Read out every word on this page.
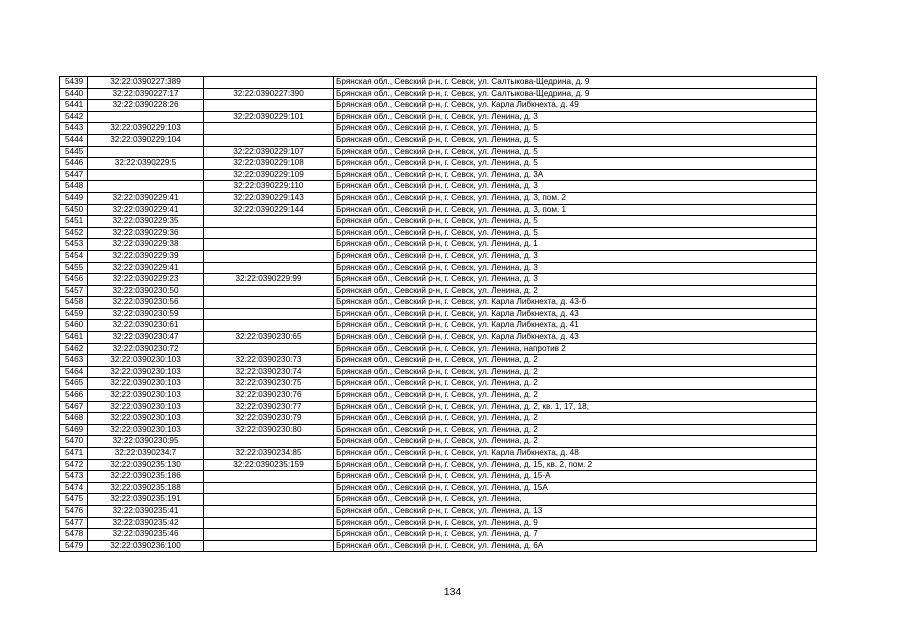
5439	32:22:0390227:389		Брянская обл., Севский р-н, г. Севск, ул. Салтыкова-Щедрина, д. 9
5440	32:22:0390227:17	32:22:0390227:390	Брянская обл., Севский р-н, г. Севск, ул. Салтыкова-Щедрина, д. 9
5441	32:22:0390228:26		Брянская обл., Севский р-н, г. Севск, ул. Карла Либкнехта, д. 49
5442		32:22:0390229:101	Брянская обл., Севский р-н, г. Севск, ул. Ленина, д. 3
5443	32:22:0390229:103		Брянская обл., Севский р-н, г. Севск, ул. Ленина, д. 5
5444	32:22:0390229:104		Брянская обл., Севский р-н, г. Севск, ул. Ленина, д. 5
5445		32:22:0390229:107	Брянская обл., Севский р-н, г. Севск, ул. Ленина, д. 5
5446	32:22:0390229:5	32:22:0390229:108	Брянская обл., Севский р-н, г. Севск, ул. Ленина, д. 5
5447		32:22:0390229:109	Брянская обл., Севский р-н, г. Севск, ул. Ленина, д. 3А
5448		32:22:0390229:110	Брянская обл., Севский р-н, г. Севск, ул. Ленина, д. 3
5449	32:22:0390229:41	32:22:0390229:143	Брянская обл., Севский р-н, г. Севск, ул. Ленина, д. 3, пом. 2
5450	32:22:0390229:41	32:22:0390229:144	Брянская обл., Севский р-н, г. Севск, ул. Ленина, д. 3, пом. 1
5451	32:22:0390229:35		Брянская обл., Севский р-н, г. Севск, ул. Ленина, д. 5
5452	32:22:0390229:36		Брянская обл., Севский р-н, г. Севск, ул. Ленина, д. 5
5453	32:22:0390229:38		Брянская обл., Севский р-н, г. Севск, ул. Ленина, д. 1
5454	32:22:0390229:39		Брянская обл., Севский р-н, г. Севск, ул. Ленина, д. 3
5455	32:22:0390229:41		Брянская обл., Севский р-н, г. Севск, ул. Ленина, д. 3
5456	32:22:0390229:23	32:22:0390229:99	Брянская обл., Севский р-н, г. Севск, ул. Ленина, д. 3
5457	32:22:0390230:50		Брянская обл., Севский р-н, г. Севск, ул. Ленина, д. 2
5458	32:22:0390230:56		Брянская обл., Севский р-н, г. Севск, ул. Карла Либкнехта, д. 43-б
5459	32:22:0390230:59		Брянская обл., Севский р-н, г. Севск, ул. Карла Либкнехта, д. 43
5460	32:22:0390230:61		Брянская обл., Севский р-н, г. Севск, ул. Карла Либкнехта, д. 41
5461	32:22:0390230:47	32:22:0390230:65	Брянская обл., Севский р-н, г. Севск, ул. Карла Либкнехта, д. 43
5462	32:22:0390230:72		Брянская обл., Севский р-н, г. Севск, ул. Ленина, напротив 2
5463	32:22:0390230:103	32:22:0390230:73	Брянская обл., Севский р-н, г. Севск, ул. Ленина, д. 2
5464	32:22:0390230:103	32:22:0390230:74	Брянская обл., Севский р-н, г. Севск, ул. Ленина, д. 2
5465	32:22:0390230:103	32:22:0390230:75	Брянская обл., Севский р-н, г. Севск, ул. Ленина, д. 2
5466	32:22:0390230:103	32:22:0390230:76	Брянская обл., Севский р-н, г. Севск, ул. Ленина, д. 2
5467	32:22:0390230:103	32:22:0390230:77	Брянская обл., Севский р-н, г. Севск, ул. Ленина, д. 2, кв. 1, 17, 18,
5468	32:22:0390230:103	32:22:0390230:79	Брянская обл., Севский р-н, г. Севск, ул. Ленина, д. 2
5469	32:22:0390230:103	32:22:0390230:80	Брянская обл., Севский р-н, г. Севск, ул. Ленина, д. 2
5470	32:22:0390230:95		Брянская обл., Севский р-н, г. Севск, ул. Ленина, д. 2
5471	32:22:0390234:7	32:22:0390234:85	Брянская обл., Севский р-н, г. Севск, ул. Карла Либкнехта, д. 48
5472	32:22:0390235:130	32:22:0390235:159	Брянская обл., Севский р-н, г. Севск, ул. Ленина, д. 15, кв. 2, пом. 2
5473	32:22:0390235:186		Брянская обл., Севский р-н, г. Севск, ул. Ленина, д. 15-А
5474	32:22:0390235:188		Брянская обл., Севский р-н, г. Севск, ул. Ленина, д. 15А
5475	32:22:0390235:191		Брянская обл., Севский р-н, г. Севск, ул. Ленина,
5476	32:22:0390235:41		Брянская обл., Севский р-н, г. Севск, ул. Ленина, д. 13
5477	32:22:0390235:42		Брянская обл., Севский р-н, г. Севск, ул. Ленина, д. 9
5478	32:22:0390235:46		Брянская обл., Севский р-н, г. Севск, ул. Ленина, д. 7
5479	32:22:0390236:100		Брянская обл., Севский р-н, г. Севск, ул. Ленина, д. 6А
134
